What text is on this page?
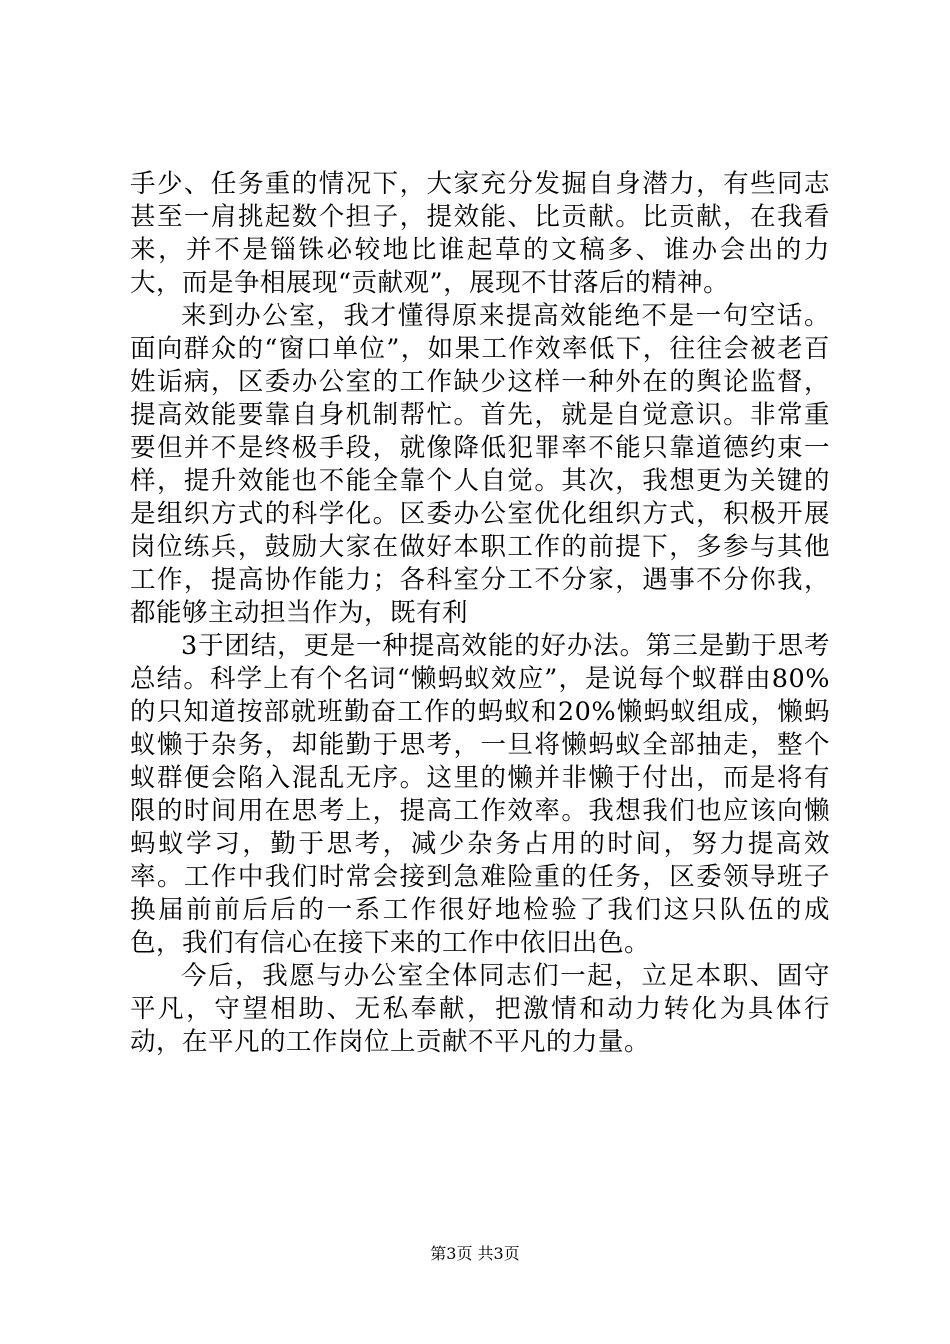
手少、任务重的情况下，大家充分发掘自身潜力，有些同志甚至一肩挑起数个担子，提效能、比贡献。比贡献，在我看来，并不是锱铢必较地比谁起草的文稿多、谁办会出的力大，而是争相展现“贡献观”，展现不甘落后的精神。

来到办公室，我才懂得原来提高效能绝不是一句空话。面向群众的“窗口单位”，如果工作效率低下，往往会被老百姓诟病，区委办公室的工作缺少这样一种外在的舆论监督，提高效能要靠自身机制帮忙。首先，就是自觉意识。非常重要但并不是终极手段，就像降低犯罪率不能只靠道德约束一样，提升效能也不能全靠个人自觉。其次，我想更为关键的是组织方式的科学化。区委办公室优化组织方式，积极开展岗位练兵，鼓励大家在做好本职工作的前提下，多参与其他工作，提高协作能力；各科室分工不分家，遇事不分你我，都能够主动担当作为，既有利

3于团结，更是一种提高效能的好办法。第三是勤于思考总结。科学上有个名词“懒蚂蚁效应”，是说每个蚁群由80%的只知道按部就班勤奋工作的蚂蚁和20%懒蚂蚁组成，懒蚂蚁懒于杂务，却能勤于思考，一旦将懒蚂蚁全部抽走，整个蚁群便会陷入混乱无序。这里的懒并非懒于付出，而是将有限的时间用在思考上，提高工作效率。我想我们也应该向懒蚂蚁学习，勤于思考，减少杂务占用的时间，努力提高效率。工作中我们时常会接到急难险重的任务，区委领导班子换届前前后后的一系工作很好地检验了我们这只队伍的成色，我们有信心在接下来的工作中依旧出色。

今后，我愿与办公室全体同志们一起，立足本职、固守平凡，守望相助、无私奉献，把激情和动力转化为具体行动，在平凡的工作岗位上贡献不平凡的力量。

第3页 共3页
